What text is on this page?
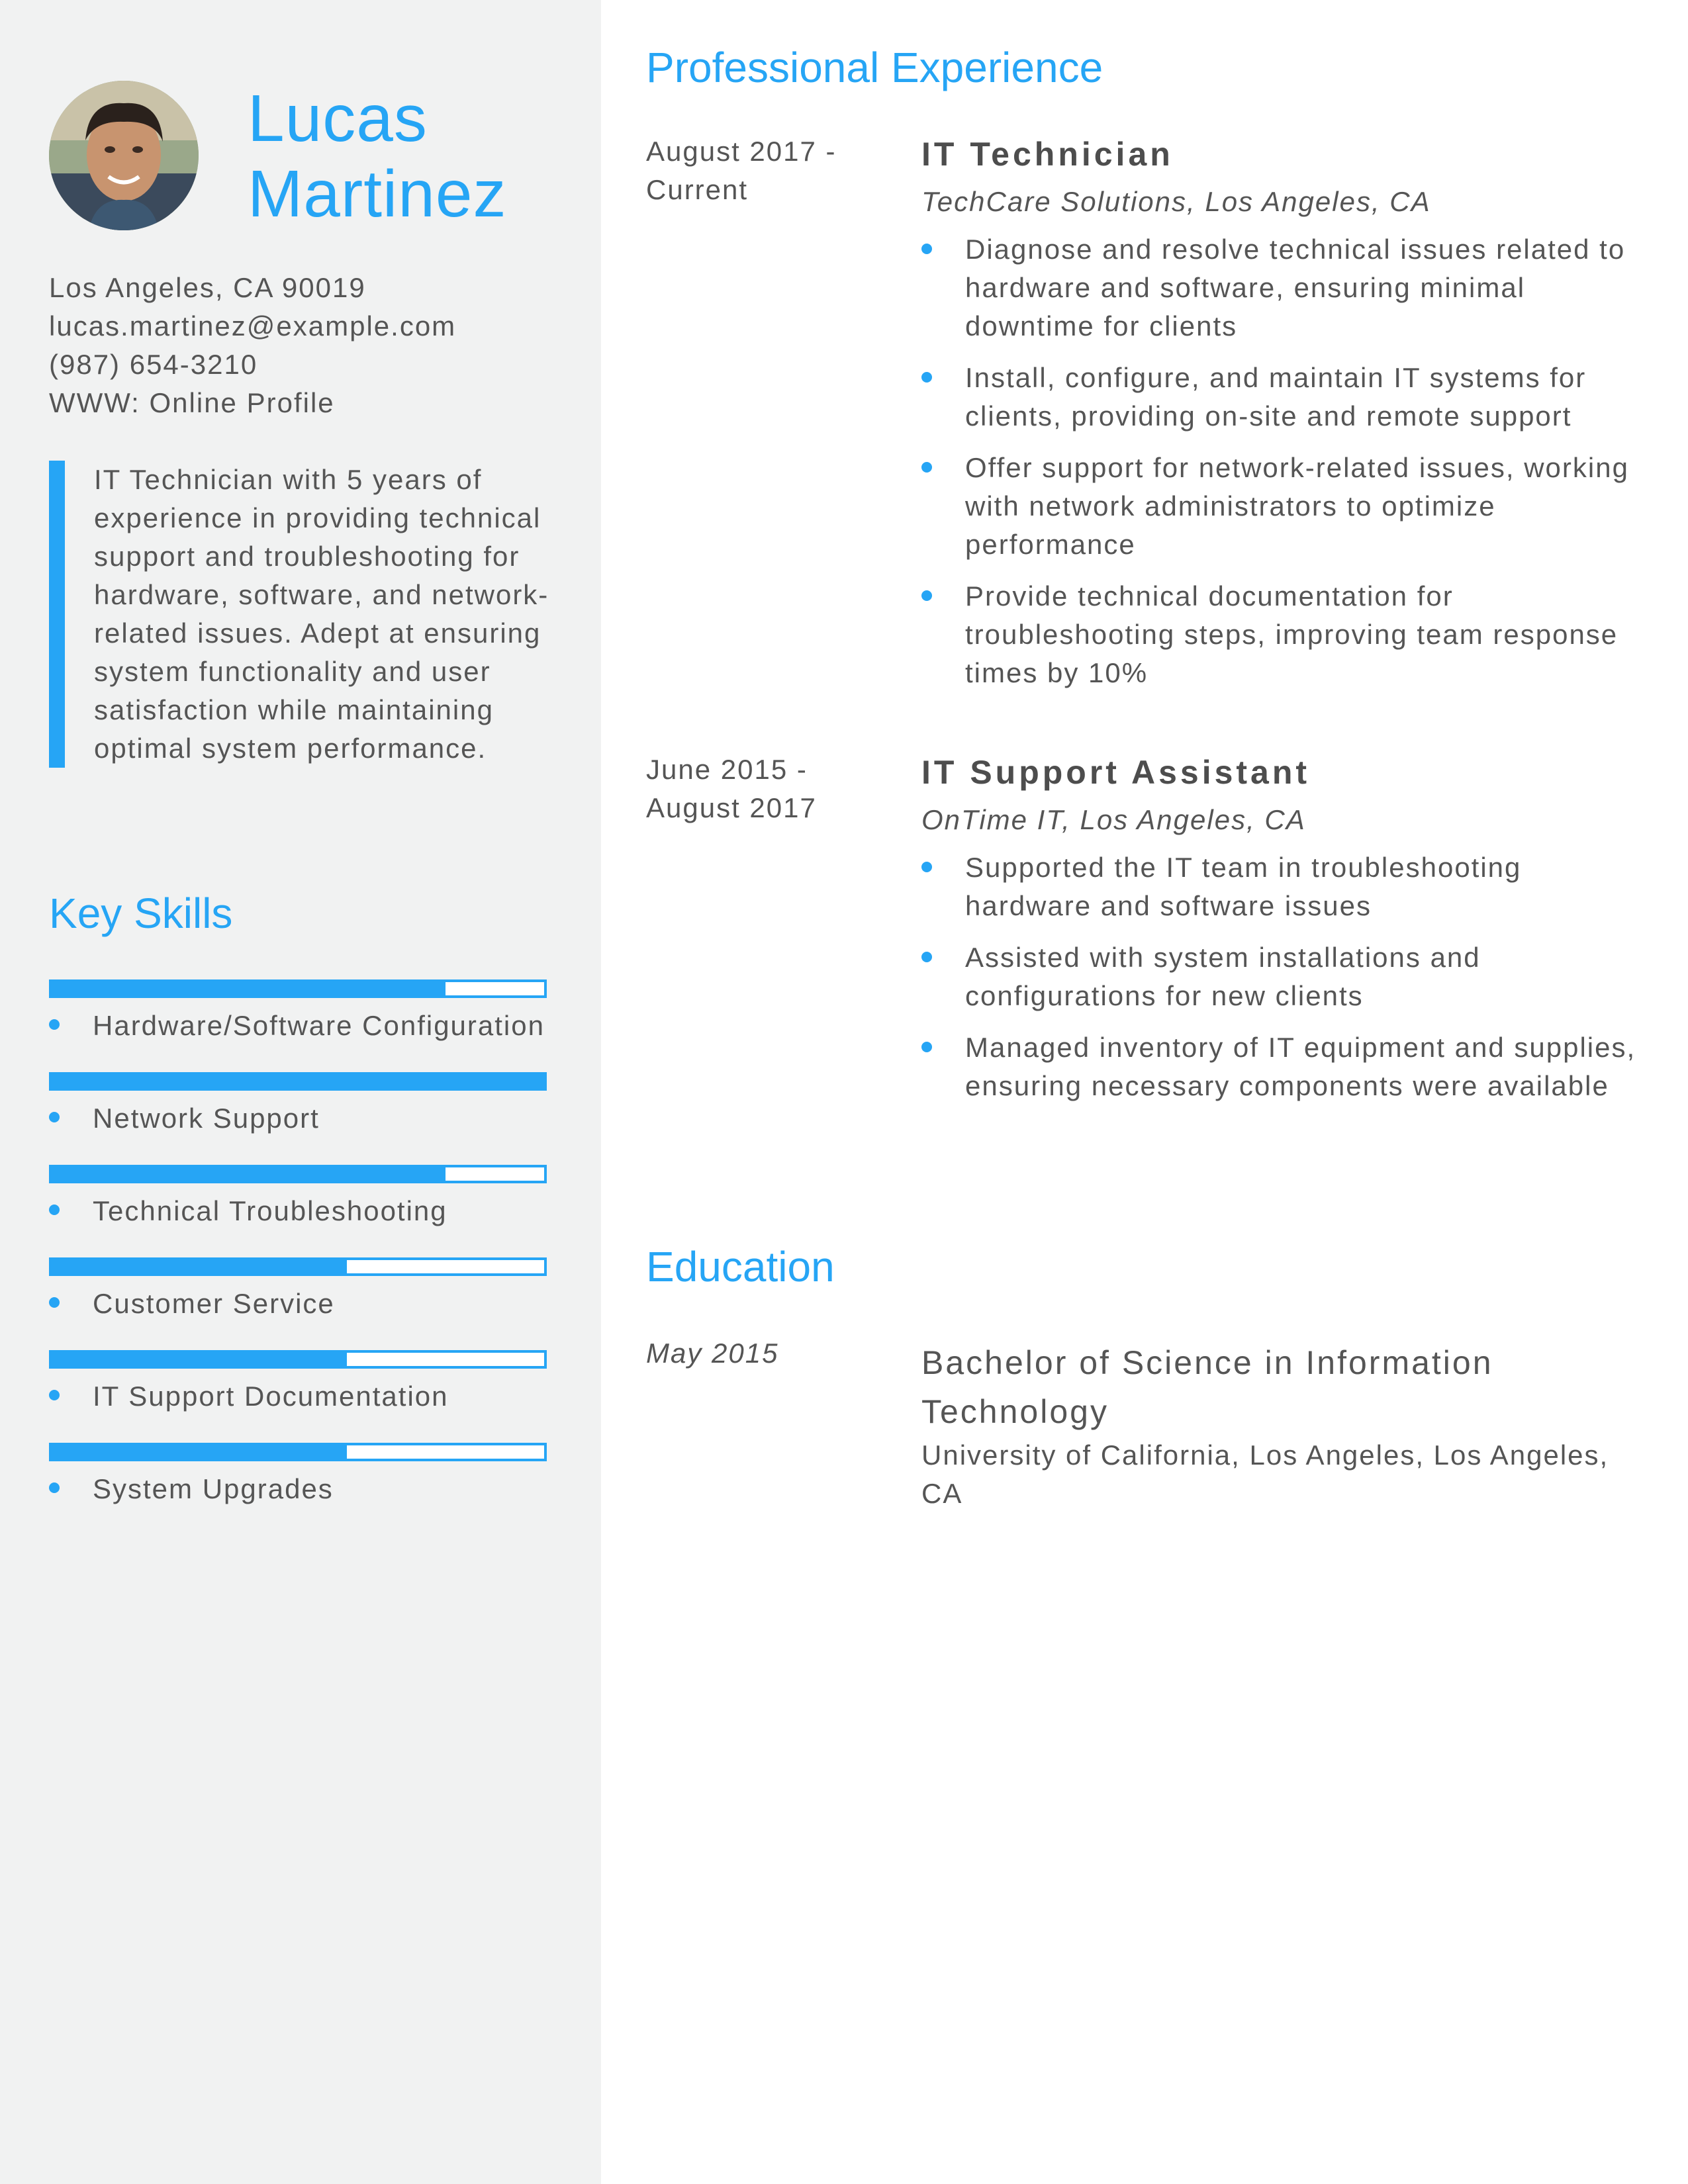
Lucas
Martinez
Los Angeles, CA 90019
lucas.martinez@example.com
(987) 654-3210
WWW: Online Profile
IT Technician with 5 years of experience in providing technical support and troubleshooting for hardware, software, and network-related issues. Adept at ensuring system functionality and user satisfaction while maintaining optimal system performance.
Key Skills
Hardware/Software Configuration
Network Support
Technical Troubleshooting
Customer Service
IT Support Documentation
System Upgrades
Professional Experience
August 2017 - Current
IT Technician
TechCare Solutions, Los Angeles, CA
Diagnose and resolve technical issues related to hardware and software, ensuring minimal downtime for clients
Install, configure, and maintain IT systems for clients, providing on-site and remote support
Offer support for network-related issues, working with network administrators to optimize performance
Provide technical documentation for troubleshooting steps, improving team response times by 10%
June 2015 - August 2017
IT Support Assistant
OnTime IT, Los Angeles, CA
Supported the IT team in troubleshooting hardware and software issues
Assisted with system installations and configurations for new clients
Managed inventory of IT equipment and supplies, ensuring necessary components were available
Education
May 2015	Bachelor of Science in Information Technology
University of California, Los Angeles, Los Angeles, CA
